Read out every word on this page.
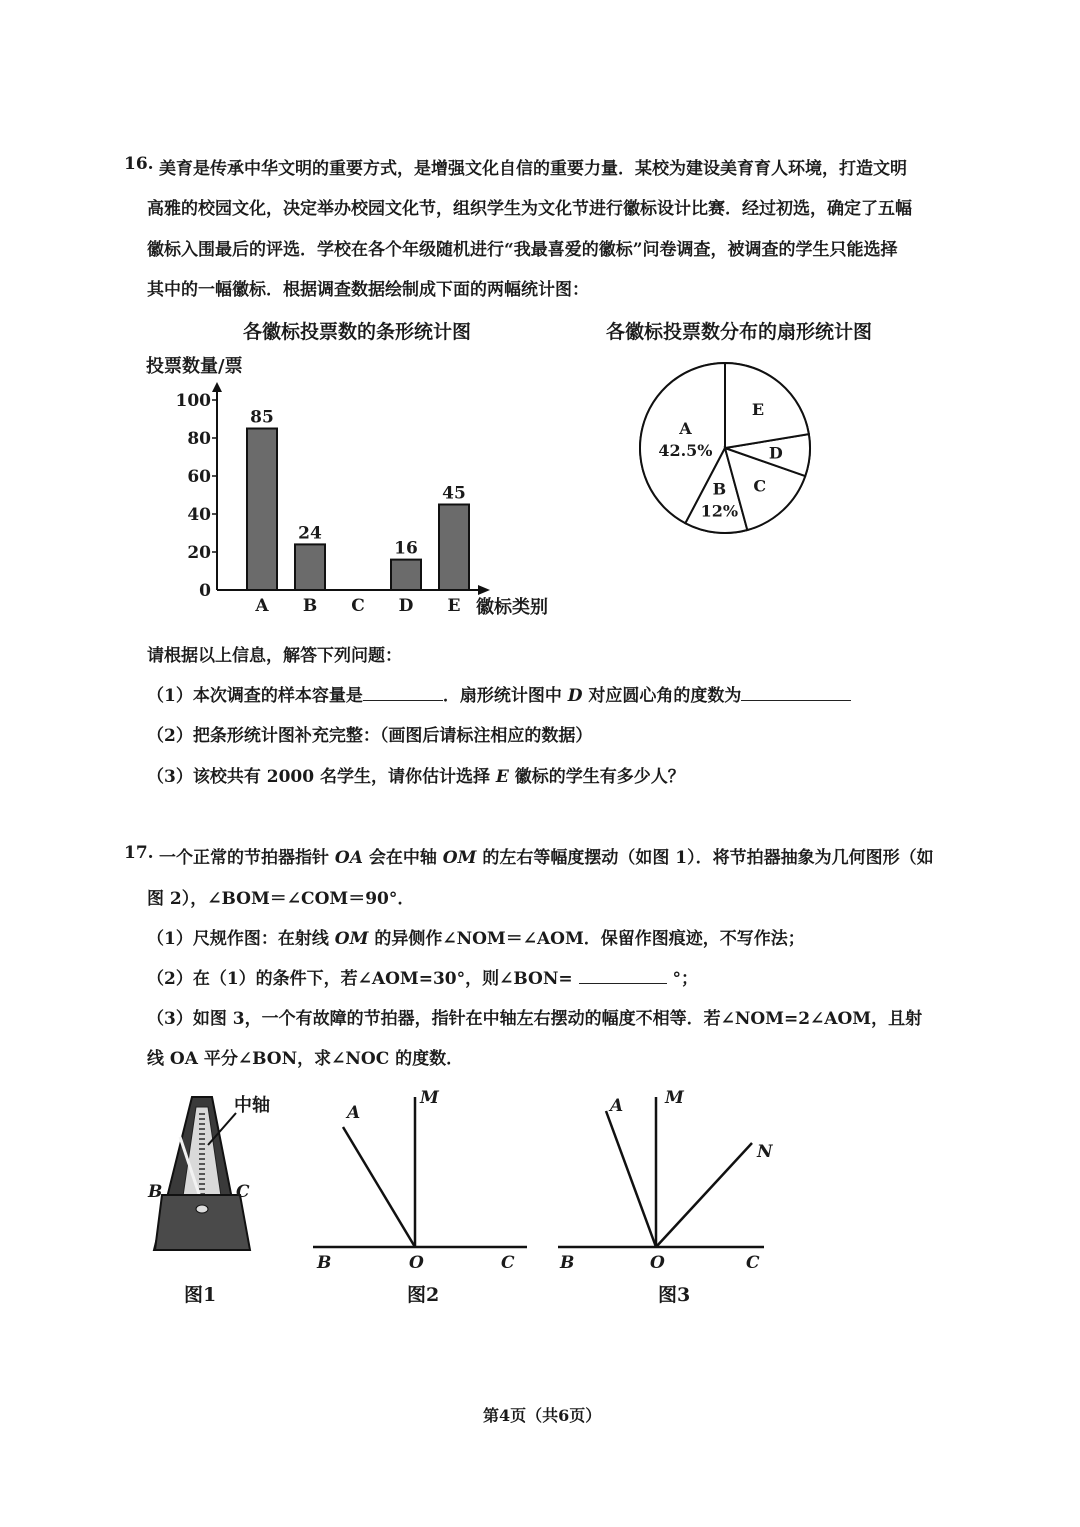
16. 美育是传承中华文明的重要方式，是增强文化自信的重要力量．某校为建设美育育人环境，打造文明
高雅的校园文化，决定举办校园文化节，组织学生为文化节进行徽标设计比赛．经过初选，确定了五幅
徽标入围最后的评选．学校在各个年级随机进行“我最喜爱的徽标”问卷调查，被调查的学生只能选择
其中的一幅徽标．根据调查数据绘制成下面的两幅统计图：
各徽标投票数的条形统计图	各徽标投票数分布的扇形统计图
投票数量/票
0
20
40
60
80
100
85
24
16
45
A B C D E 徽标类别
A
42.5%
B
12%
C
D
E
请根据以上信息，解答下列问题：
（1）本次调查的样本容量是	．扇形统计图中 D 对应圆心角的度数为
（2）把条形统计图补充完整：（画图后请标注相应的数据）
（3）该校共有 2000 名学生，请你估计选择 E 徽标的学生有多少人？
17. 一个正常的节拍器指针 OA 会在中轴 OM 的左右等幅度摆动（如图 1）．将节拍器抽象为几何图形（如
图 2），∠BOM＝∠COM＝90°．
（1）尺规作图：在射线 OM 的异侧作∠NOM＝∠AOM．保留作图痕迹，不写作法；
（2）在（1）的条件下，若∠AOM=30°，则∠BON=	°；
（3）如图 3，一个有故障的节拍器，指针在中轴左右摆动的幅度不相等．若∠NOM=2∠AOM，且射
线 OA 平分∠BON，求∠NOC 的度数．
中轴
B	C
图1
A
M
B	O	C
图2
A M
N
B	O	C
图3
第4页（共6页）
